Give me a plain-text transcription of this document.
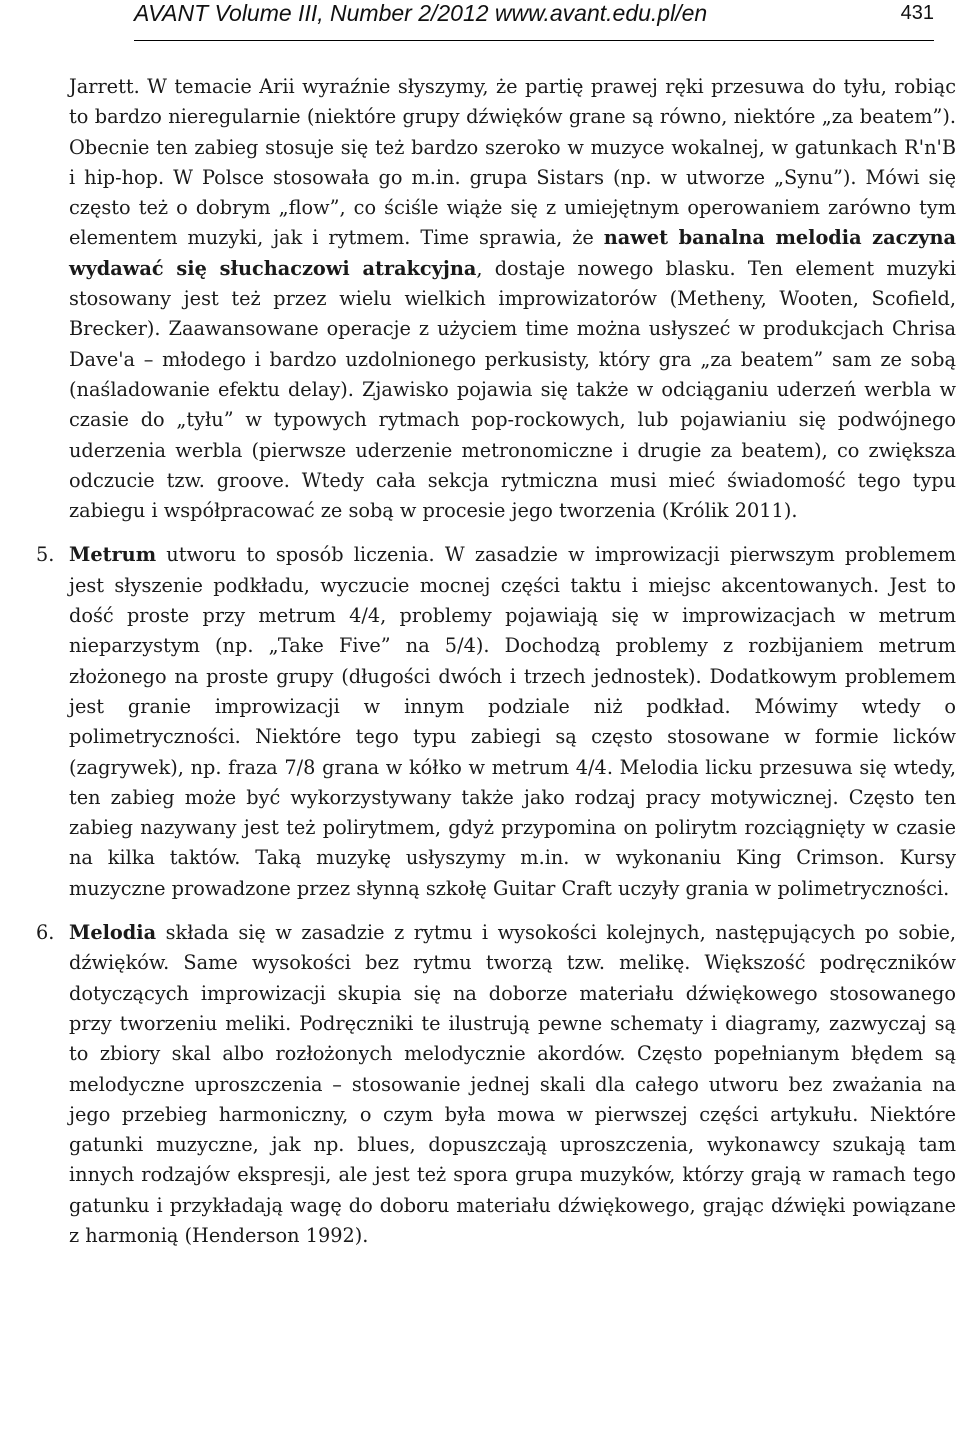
AVANT Volume III, Number 2/2012 www.avant.edu.pl/en	431

Jarrett. W temacie Arii wyraźnie słyszymy, że partię prawej ręki przesuwa do tyłu, robiąc to bardzo nieregularnie (niektóre grupy dźwięków grane są równo, niektóre „za beatem”). Obecnie ten zabieg stosuje się też bardzo szeroko w muzyce wokalnej, w gatunkach R'n'B i hip-hop. W Polsce stosowała go m.in. grupa Sistars (np. w utworze „Synu”). Mówi się często też o dobrym „flow”, co ściśle wiąże się z umiejętnym operowaniem zarówno tym elementem muzyki, jak i rytmem. Time sprawia, że nawet banalna melodia zaczyna wydawać się słuchaczowi atrakcyjna, dostaje nowego blasku. Ten element muzyki stosowany jest też przez wielu wielkich improwizatorów (Metheny, Wooten, Scofield, Brecker). Zaawansowane operacje z użyciem time można usłyszeć w produkcjach Chrisa Dave'a – młodego i bardzo uzdolnionego perkusisty, który gra „za beatem” sam ze sobą (naśladowanie efektu delay). Zjawisko pojawia się także w odciąganiu uderzeń werbla w czasie do „tyłu” w typowych rytmach pop-rockowych, lub pojawianiu się podwójnego uderzenia werbla (pierwsze uderzenie metronomiczne i drugie za beatem), co zwiększa odczucie tzw. groove. Wtedy cała sekcja rytmiczna musi mieć świadomość tego typu zabiegu i współpracować ze sobą w procesie jego tworzenia (Królik 2011).

5. Metrum utworu to sposób liczenia. W zasadzie w improwizacji pierwszym problemem jest słyszenie podkładu, wyczucie mocnej części taktu i miejsc akcentowanych. Jest to dość proste przy metrum 4/4, problemy pojawiają się w improwizacjach w metrum nieparzystym (np. „Take Five” na 5/4). Dochodzą problemy z rozbijaniem metrum złożonego na proste grupy (długości dwóch i trzech jednostek). Dodatkowym problemem jest granie improwizacji w innym podziale niż podkład. Mówimy wtedy o polimetryczności. Niektóre tego typu zabiegi są często stosowane w formie licków (zagrywek), np. fraza 7/8 grana w kółko w metrum 4/4. Melodia licku przesuwa się wtedy, ten zabieg może być wykorzystywany także jako rodzaj pracy motywicznej. Często ten zabieg nazywany jest też polirytmem, gdyż przypomina on polirytm rozciągnięty w czasie na kilka taktów. Taką muzykę usłyszymy m.in. w wykonaniu King Crimson. Kursy muzyczne prowadzone przez słynną szkołę Guitar Craft uczyły grania w polimetryczności.

6. Melodia składa się w zasadzie z rytmu i wysokości kolejnych, następujących po sobie, dźwięków. Same wysokości bez rytmu tworzą tzw. melikę. Większość podręczników dotyczących improwizacji skupia się na doborze materiału dźwiękowego stosowanego przy tworzeniu meliki. Podręczniki te ilustrują pewne schematy i diagramy, zazwyczaj są to zbiory skal albo rozłożonych melodycznie akordów. Często popełnianym błędem są melodyczne uproszczenia – stosowanie jednej skali dla całego utworu bez zważania na jego przebieg harmoniczny, o czym była mowa w pierwszej części artykułu. Niektóre gatunki muzyczne, jak np. blues, dopuszczają uproszczenia, wykonawcy szukają tam innych rodzajów ekspresji, ale jest też spora grupa muzyków, którzy grają w ramach tego gatunku i przykładają wagę do doboru materiału dźwiękowego, grając dźwięki powiązane z harmonią (Henderson 1992).
